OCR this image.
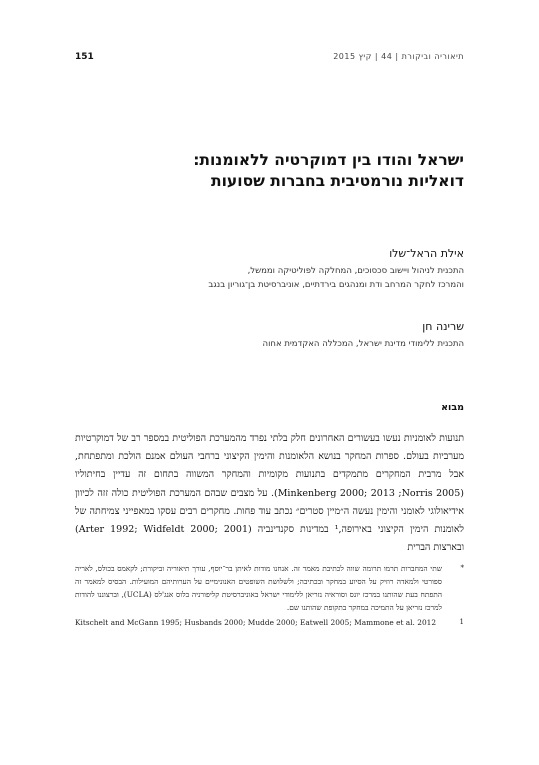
151	תיאוריה וביקורת | 44 | קיץ 2015
ישראל והודו בין דמוקרטיה ללאומנות:
דואליות נורמטיבית בחברות שסועות
אילת הראל־שלו
התכנית לניהול ויישוב סכסוכים, המחלקה לפוליטיקה וממשל,
והמרכז לחקר המרחב ודת ומנהגים בירדתיים, אוניברסיטת בן־גוריון בנגב
שרינה חן
התכנית ללימודי מדינת ישראל, המכללה האקדמית אחוה
מבוא
תנועות לאומניות נעשו בעשורים האחרונים חלק בלתי נפרד מהמערכת הפוליטית במספר רב של דמוקרטיות מערביות בעולם. ספרות המחקר בנושא הלאומנות והימין הקיצוני ברחבי העולם אמנם הולכת ומתפתחת, אבל מרבית המחקרים מתמקדים בתנועות מקומיות והמחקר המשווה בתחום זה עדיין בחיתוליו (Minkenberg 2000; 2013 ;Norris 2005). על מצבים שבהם המערכת הפוליטית כולה זזה לכיוון אידיאולוגי לאומני והימין נעשה ה״מיין סטרים״ נכתב עוד פחות. מחקרים רבים עסקו במאפייני צמיחתה של לאומנות הימין הקיצוני באירופה,¹ במדינות סקנדינביה (Arter 1992; Widfeldt 2000; 2001) ובארצות הברית
*
שתי המחברות תרמו תרומה שווה לכתיבת מאמר זה. אנחנו מודות לאיתן בר־יוסף, עורך תיאוריה וביקורת; לקאמס בכולס, לאריה ספורטי ולמאדה רוזיק על הסיוע במחקר ובכתיבה; ולשלושת השופטים האנונימיים על הערותיהם המועילות. הבסיס למאמר זה התפתח בעת שהותנו במרכז יונס וסוראיה נזריאן ללימודי ישראל באוניברסיטת קליפורניה בלוס אנג'לס (UCLA), וברצוננו להודות למרכז נזריאן על התמיכה במחקר בתקופת שהותנו שם.
1
Kitschelt and McGann 1995; Husbands 2000; Mudde 2000; Eatwell 2005; Mammone et al. 2012
